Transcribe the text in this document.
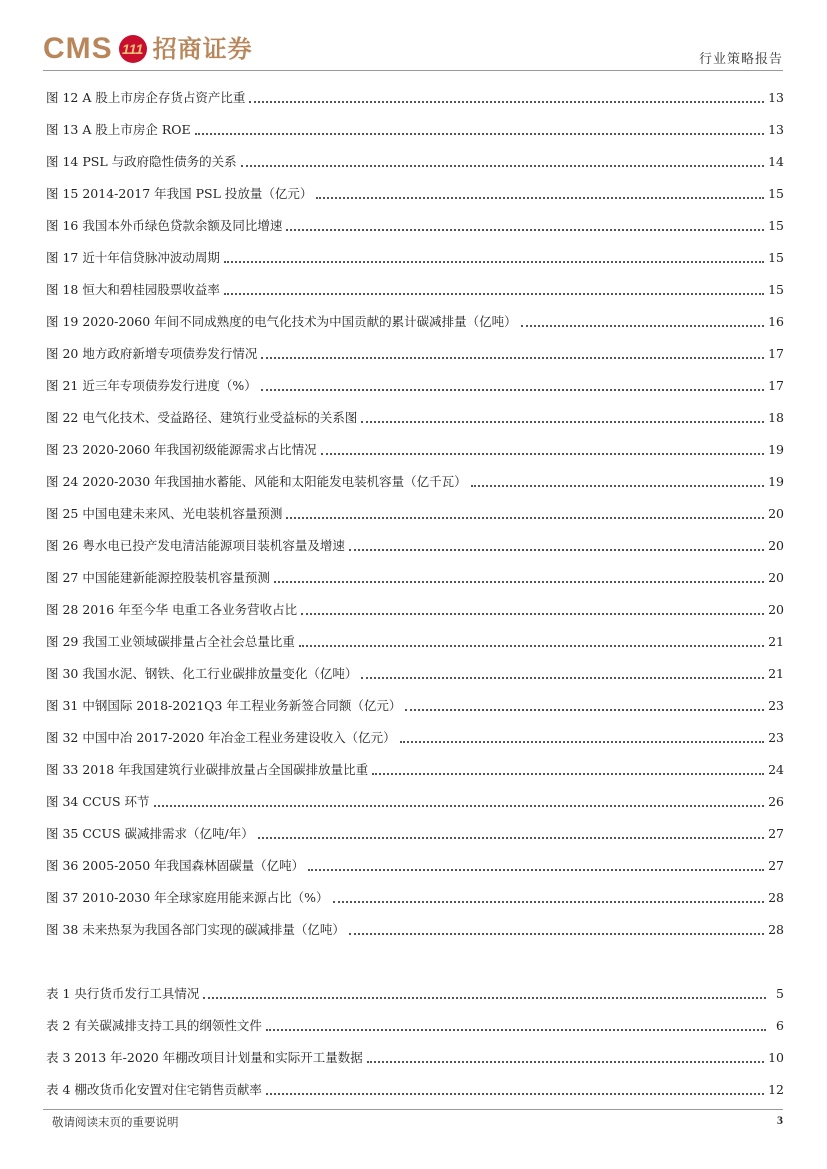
CMS 111 招商证券	行业策略报告
图 12 A 股上市房企存货占资产比重	13
图 13 A 股上市房企 ROE	13
图 14 PSL 与政府隐性债务的关系	14
图 15 2014-2017 年我国 PSL 投放量（亿元）	15
图 16 我国本外币绿色贷款余额及同比增速	15
图 17 近十年信贷脉冲波动周期	15
图 18 恒大和碧桂园股票收益率	15
图 19 2020-2060 年间不同成熟度的电气化技术为中国贡献的累计碳减排量（亿吨）	16
图 20 地方政府新增专项债券发行情况	17
图 21 近三年专项债券发行进度（%）	17
图 22 电气化技术、受益路径、建筑行业受益标的关系图	18
图 23 2020-2060 年我国初级能源需求占比情况	19
图 24 2020-2030 年我国抽水蓄能、风能和太阳能发电装机容量（亿千瓦）	19
图 25 中国电建未来风、光电装机容量预测	20
图 26 粤水电已投产发电清洁能源项目装机容量及增速	20
图 27 中国能建新能源控股装机容量预测	20
图 28 2016 年至今华 电重工各业务营收占比	20
图 29 我国工业领域碳排量占全社会总量比重	21
图 30 我国水泥、钢铁、化工行业碳排放量变化（亿吨）	21
图 31 中钢国际 2018-2021Q3 年工程业务新签合同额（亿元）	23
图 32 中国中冶 2017-2020 年冶金工程业务建设收入（亿元）	23
图 33 2018 年我国建筑行业碳排放量占全国碳排放量比重	24
图 34 CCUS 环节	26
图 35 CCUS 碳减排需求（亿吨/年）	27
图 36 2005-2050 年我国森林固碳量（亿吨）	27
图 37 2010-2030 年全球家庭用能来源占比（%）	28
图 38 未来热泵为我国各部门实现的碳减排量（亿吨）	28
表 1 央行货币发行工具情况	5
表 2 有关碳减排支持工具的纲领性文件	6
表 3 2013 年-2020 年棚改项目计划量和实际开工量数据	10
表 4 棚改货币化安置对住宅销售贡献率	12
敬请阅读末页的重要说明	3
